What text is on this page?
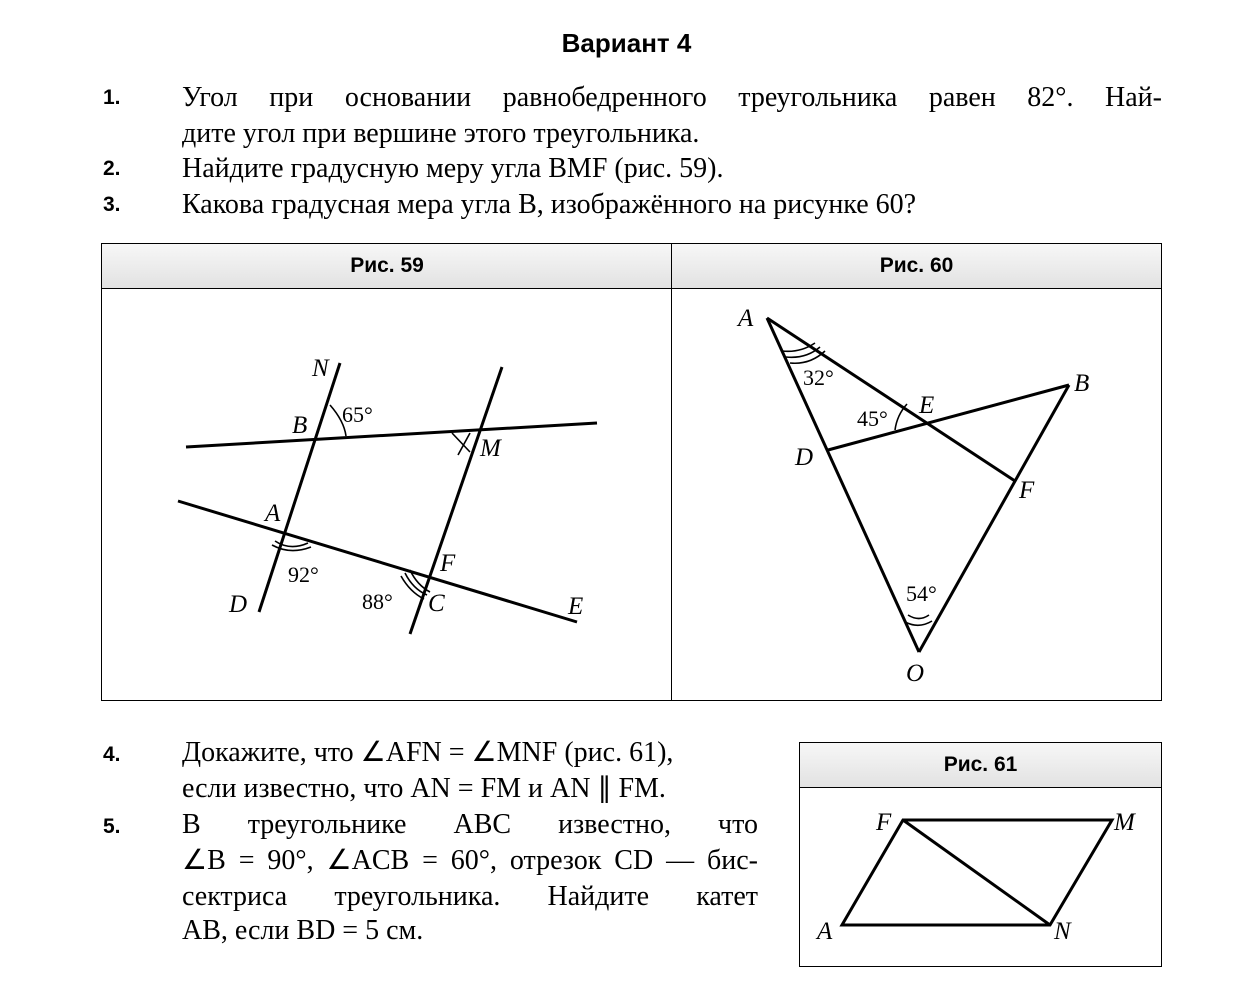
Вариант 4
1. Угол при основании равнобедренного треугольника равен 82°. Най-
дите угол при вершине этого треугольника.
2. Найдите градусную меру угла BMF (рис. 59).
3. Какова градусная мера угла B, изображённого на рисунке 60?
Рис. 59	Рис. 60
N
B
M
A
F
D	C	E
65°
92°
88°
A
B
E
D
F
O
32°
45°
54°
4. Докажите, что ∠AFN = ∠MNF (рис. 61),
если известно, что AN = FM и AN ∥ FM.
5. В треугольнике ABC известно, что
∠B = 90°, ∠ACB = 60°, отрезок CD — бис-
сектриса треугольника. Найдите катет
AB, если BD = 5 см.
Рис. 61
F	M
A	N
